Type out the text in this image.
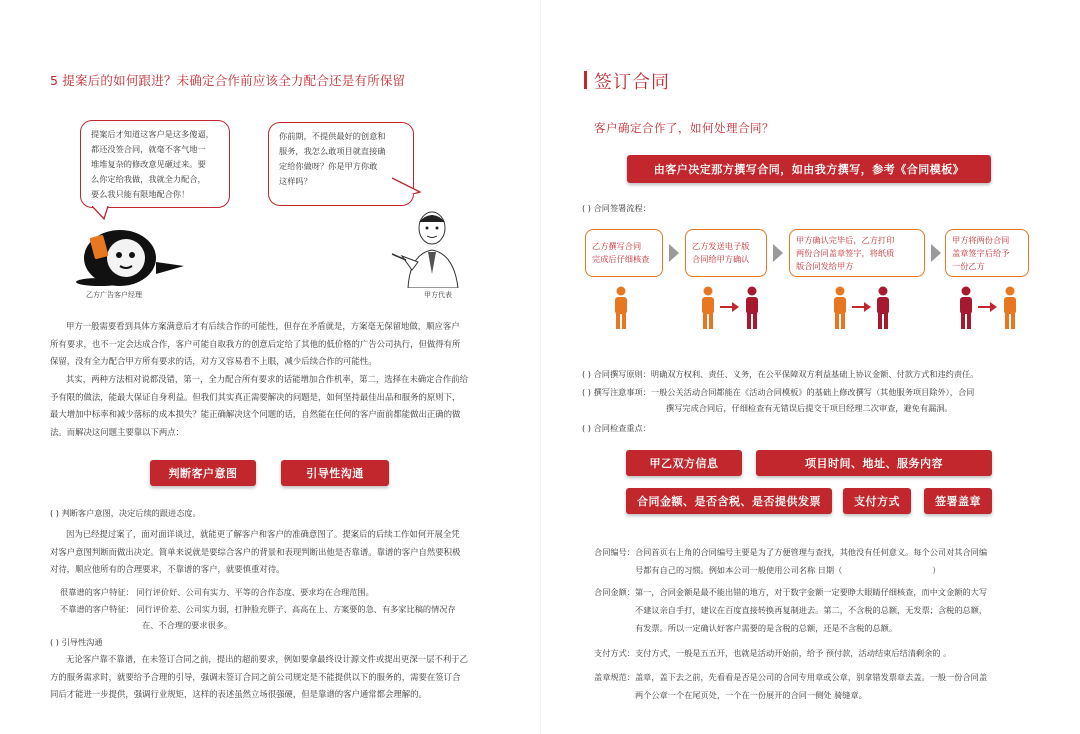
5 提案后的如何跟进？未确定合作前应该全力配合还是有所保留
提案后才知道这客户是这多傻逼，
都还没签合同，就毫不客气地一
堆堆复杂的修改意见砸过来。要
么你定给我做，我就全力配合，
要么我只能有限地配合你！
你前期，不提供最好的创意和
服务，我怎么敢项目就直接确
定给你做呀？你是甲方你敢
这样吗？
乙方广告客户经理	甲方代表
甲方一般需要看到具体方案满意后才有后续合作的可能性，但存在矛盾就是，方案毫无保留地做，顺应客户
所有要求，也不一定会达成合作，客户可能自取我方的创意后定给了其他的低价格的广告公司执行，但做得有所
保留，没有全力配合甲方所有要求的话，对方又容易看不上眼，减少后续合作的可能性。
其实，两种方法相对说都没错，第一，全力配合所有要求的话能增加合作机率，第二，选择在未确定合作前给
予有限的做法，能最大保证自身利益。但我们其实真正需要解决的问题是，如何坚持最佳出品和服务的原则下，
最大增加中标率和减少落标的成本损失？能正确解决这个问题的话，自然能在任何的客户面前都能做出正确的做
法。而解决这问题主要靠以下两点：
判断客户意图	引导性沟通
( ) 判断客户意图，决定后续的跟进态度。
因为已经提过案了，面对面详谈过，就能更了解客户和客户的准确意图了。提案后的后续工作如何开展全凭
对客户意图判断而做出决定。简单来说就是要综合客户的背景和表现判断出他是否靠谱。靠谱的客户自然要积极
对待，顺应他所有的合理要求，不靠谱的客户，就要慎重对待。
很靠谱的客户特征： 同行评价好、公司有实力、平等的合作态度、要求均在合理范围。
不靠谱的客户特征： 同行评价差、公司实力弱，打肿脸充胖子、高高在上、方案要的急、有多家比稿的情况存
在、不合理的要求很多。
( ) 引导性沟通
无论客户靠不靠谱，在未签订合同之前，提出的超前要求，例如要拿最终设计源文件或提出更深一层不利于乙
方的服务需求时，就要给予合理的引导，强调未签订合同之前公司规定是不能提供以下的服务的，需要在签订合
同后才能进一步提供，强调行业规矩，这样的表述虽然立场很强硬，但是靠谱的客户通常都会理解的。
签订合同
客户确定合作了，如何处理合同？
由客户决定那方撰写合同，如由我方撰写，参考《合同模板》
( ) 合同签署流程：
乙方撰写合同
完成后仔细核查
乙方发送电子版
合同给甲方确认
甲方确认完毕后，乙方打印
两份合同盖章签字，将纸质
版合同发给甲方
甲方将两份合同
盖章签字后给予
一份乙方
( ) 合同撰写原则：明确双方权利、责任、义务，在公平保障双方利益基础上协议金额、付款方式和违约责任。
( ) 撰写注意事项：一般公关活动合同都能在《活动合同模板》的基础上修改撰写（其他服务项目除外），合同
撰写完成合同后，仔细检查有无错误后提交于项目经理二次审查，避免有漏洞。
( ) 合同检查重点：
甲乙双方信息	项目时间、地址、服务内容
合同金额、是否含税、是否提供发票	支付方式	签署盖章
合同编号：合同首页右上角的合同编号主要是为了方便管理与查找，其他没有任何意义。每个公司对其合同编
号都有自己的习惯。例如本公司一般使用公司名称 日期（	）
合同金额：第一，合同金额是最不能出错的地方，对于数字金额一定要睁大眼睛仔细核查，而中文金额的大写
不建议亲自手打，建议在百度直接转换再复制进去。第二，不含税的总额，无发票；含税的总额，
有发票。所以一定确认好客户需要的是含税的总额，还是不含税的总额。
支付方式：支付方式，一般是五五开，也就是活动开始前，给予 预付款，活动结束后结清剩余的 。
盖章规范：盖章，盖下去之前，先看看是否是公司的合同专用章或公章，别拿错发票章去盖。一般一份合同盖
两个公章一个在尾页处，一个在一份展开的合同一侧处 骑缝章。
